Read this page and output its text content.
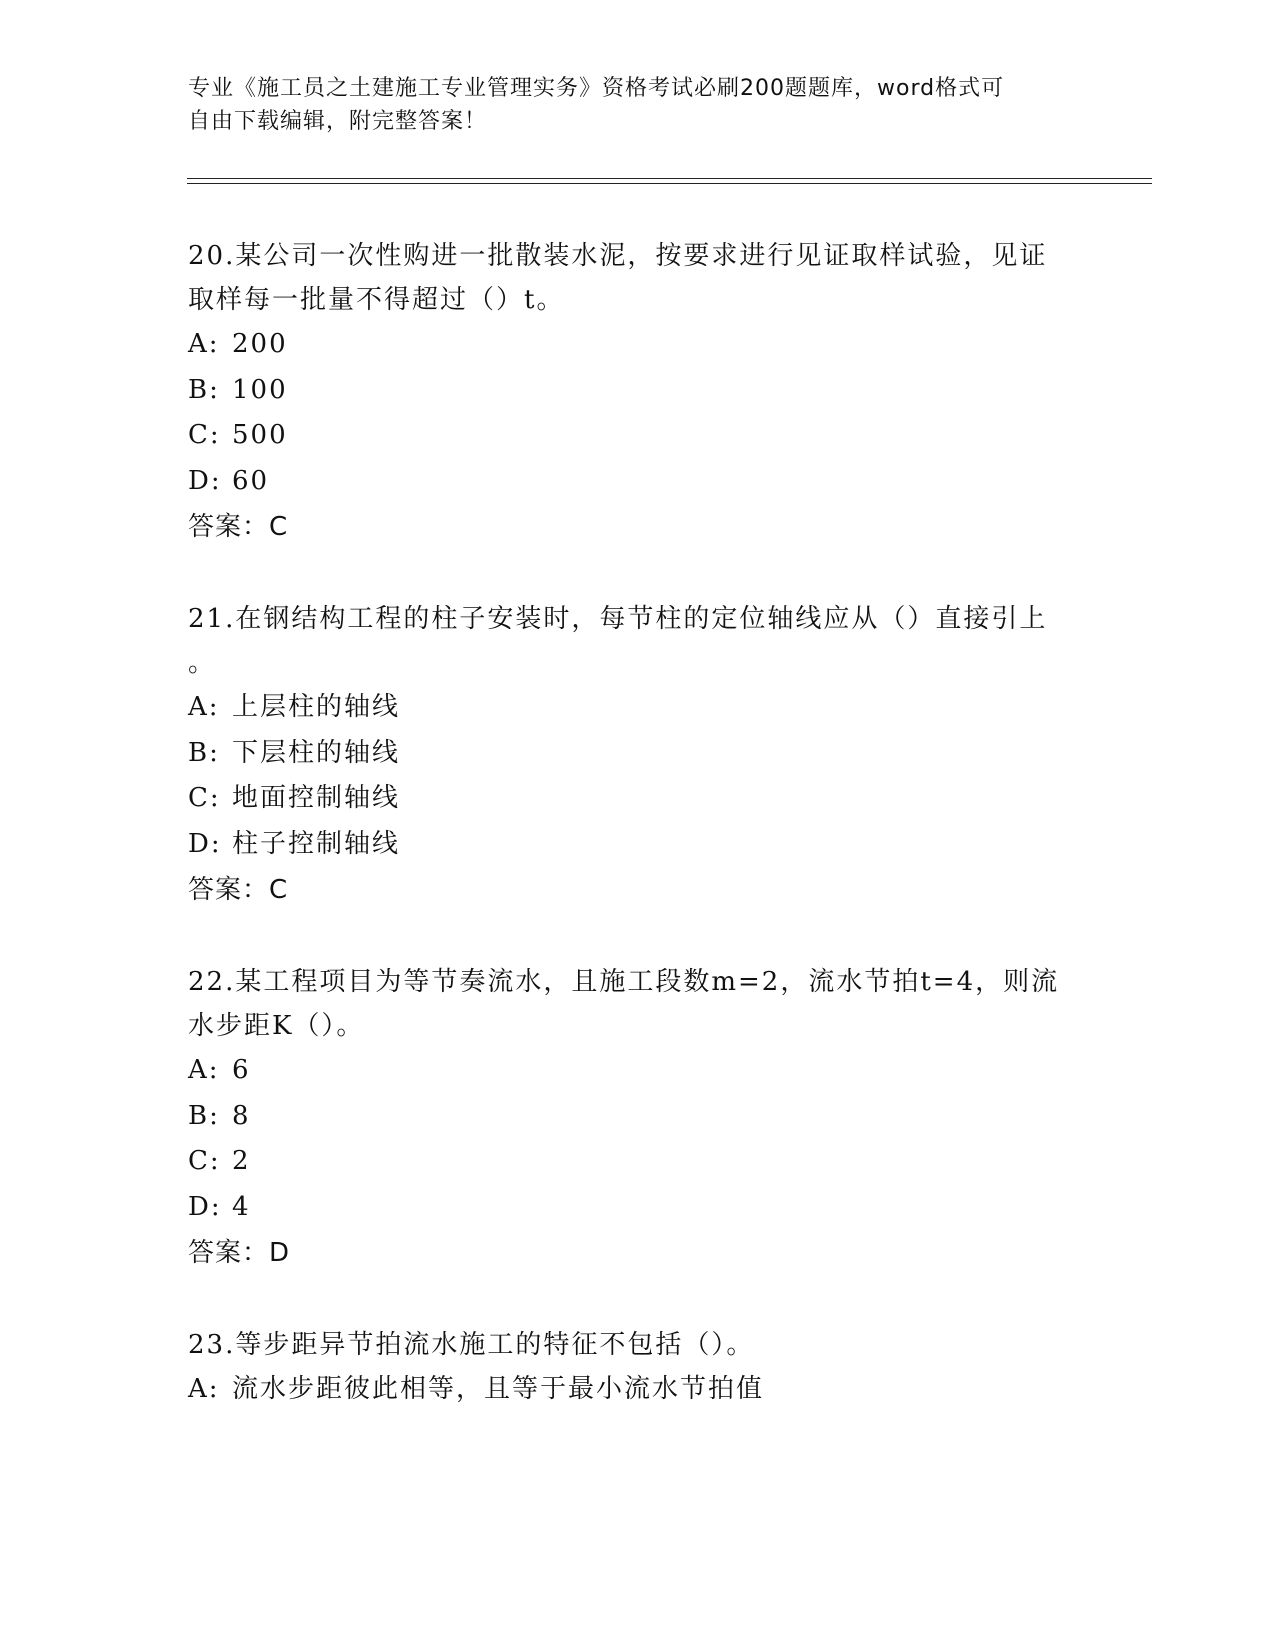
专业《施工员之土建施工专业管理实务》资格考试必刷200题题库，word格式可
自由下载编辑，附完整答案！
20.某公司一次性购进一批散装水泥，按要求进行见证取样试验，见证
取样每一批量不得超过（）t。
A: 200
B: 100
C: 500
D: 60
答案：C
21.在钢结构工程的柱子安装时，每节柱的定位轴线应从（）直接引上
。
A: 上层柱的轴线
B: 下层柱的轴线
C: 地面控制轴线
D: 柱子控制轴线
答案：C
22.某工程项目为等节奏流水，且施工段数m=2，流水节拍t=4，则流
水步距K（）。
A: 6
B: 8
C: 2
D: 4
答案：D
23.等步距异节拍流水施工的特征不包括（）。
A: 流水步距彼此相等，且等于最小流水节拍值
